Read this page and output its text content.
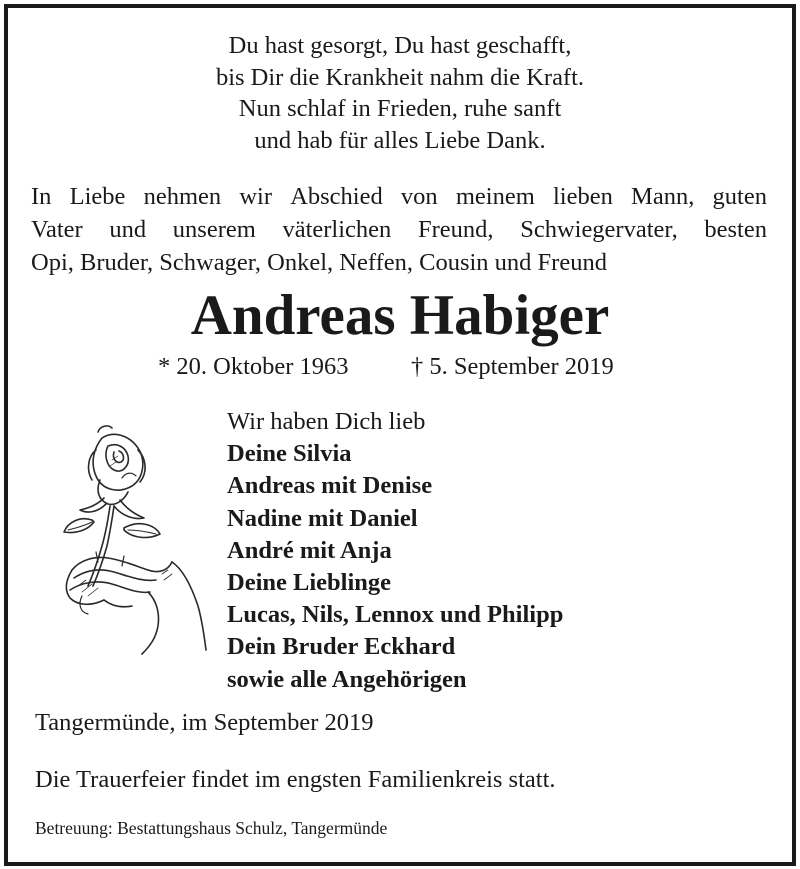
Du hast gesorgt, Du hast geschafft,
bis Dir die Krankheit nahm die Kraft.
Nun schlaf in Frieden, ruhe sanft
und hab für alles Liebe Dank.
In Liebe nehmen wir Abschied von meinem lieben Mann, guten
Vater und unserem väterlichen Freund, Schwiegervater, besten
Opi, Bruder, Schwager, Onkel, Neffen, Cousin und Freund
Andreas Habiger
* 20. Oktober 1963	† 5. September 2019
Wir haben Dich lieb
Deine Silvia
Andreas mit Denise
Nadine mit Daniel
André mit Anja
Deine Lieblinge
Lucas, Nils, Lennox und Philipp
Dein Bruder Eckhard
sowie alle Angehörigen
Tangermünde, im September 2019
Die Trauerfeier findet im engsten Familienkreis statt.
Betreuung: Bestattungshaus Schulz, Tangermünde
